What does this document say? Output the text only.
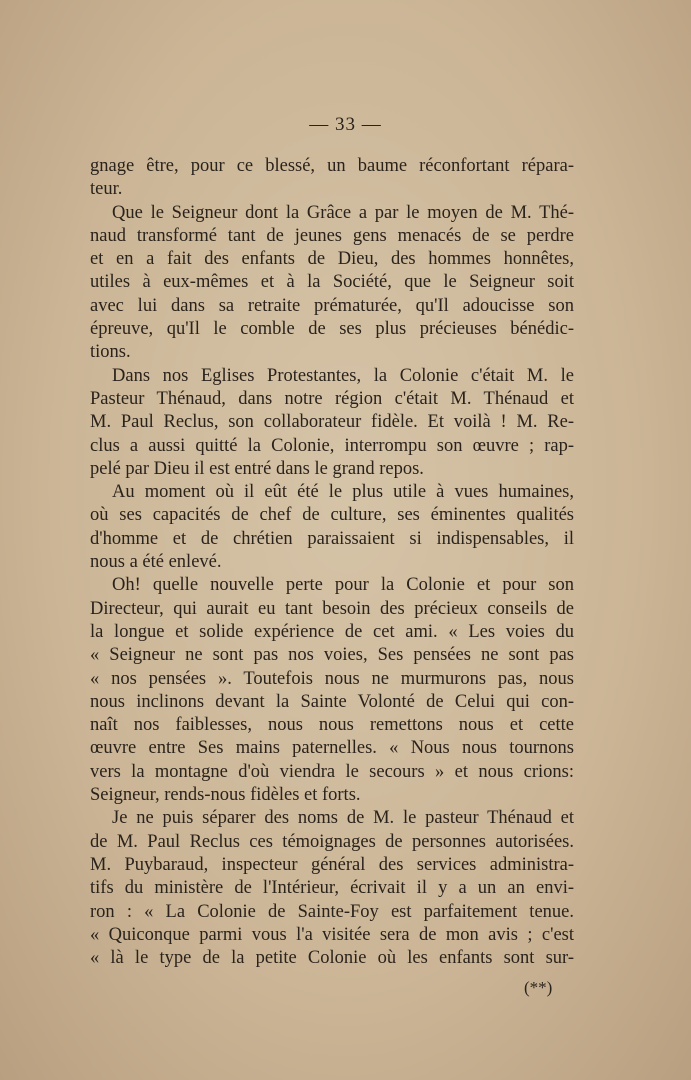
— 33 —
gnage être, pour ce blessé, un baume réconfortant répara-
teur.
Que le Seigneur dont la Grâce a par le moyen de M. Thé-
naud transformé tant de jeunes gens menacés de se perdre
et en a fait des enfants de Dieu, des hommes honnêtes,
utiles à eux-mêmes et à la Société, que le Seigneur soit
avec lui dans sa retraite prématurée, qu'Il adoucisse son
épreuve, qu'Il le comble de ses plus précieuses bénédic-
tions.
Dans nos Eglises Protestantes, la Colonie c'était M. le
Pasteur Thénaud, dans notre région c'était M. Thénaud et
M. Paul Reclus, son collaborateur fidèle. Et voilà ! M. Re-
clus a aussi quitté la Colonie, interrompu son œuvre ; rap-
pelé par Dieu il est entré dans le grand repos.
Au moment où il eût été le plus utile à vues humaines,
où ses capacités de chef de culture, ses éminentes qualités
d'homme et de chrétien paraissaient si indispensables, il
nous a été enlevé.
Oh! quelle nouvelle perte pour la Colonie et pour son
Directeur, qui aurait eu tant besoin des précieux conseils de
la longue et solide expérience de cet ami. « Les voies du
« Seigneur ne sont pas nos voies, Ses pensées ne sont pas
« nos pensées ». Toutefois nous ne murmurons pas, nous
nous inclinons devant la Sainte Volonté de Celui qui con-
naît nos faiblesses, nous nous remettons nous et cette
œuvre entre Ses mains paternelles. « Nous nous tournons
vers la montagne d'où viendra le secours » et nous crions:
Seigneur, rends-nous fidèles et forts.
Je ne puis séparer des noms de M. le pasteur Thénaud et
de M. Paul Reclus ces témoignages de personnes autorisées.
M. Puybaraud, inspecteur général des services administra-
tifs du ministère de l'Intérieur, écrivait il y a un an envi-
ron : « La Colonie de Sainte-Foy est parfaitement tenue.
« Quiconque parmi vous l'a visitée sera de mon avis ; c'est
« là le type de la petite Colonie où les enfants sont sur-
(**)
